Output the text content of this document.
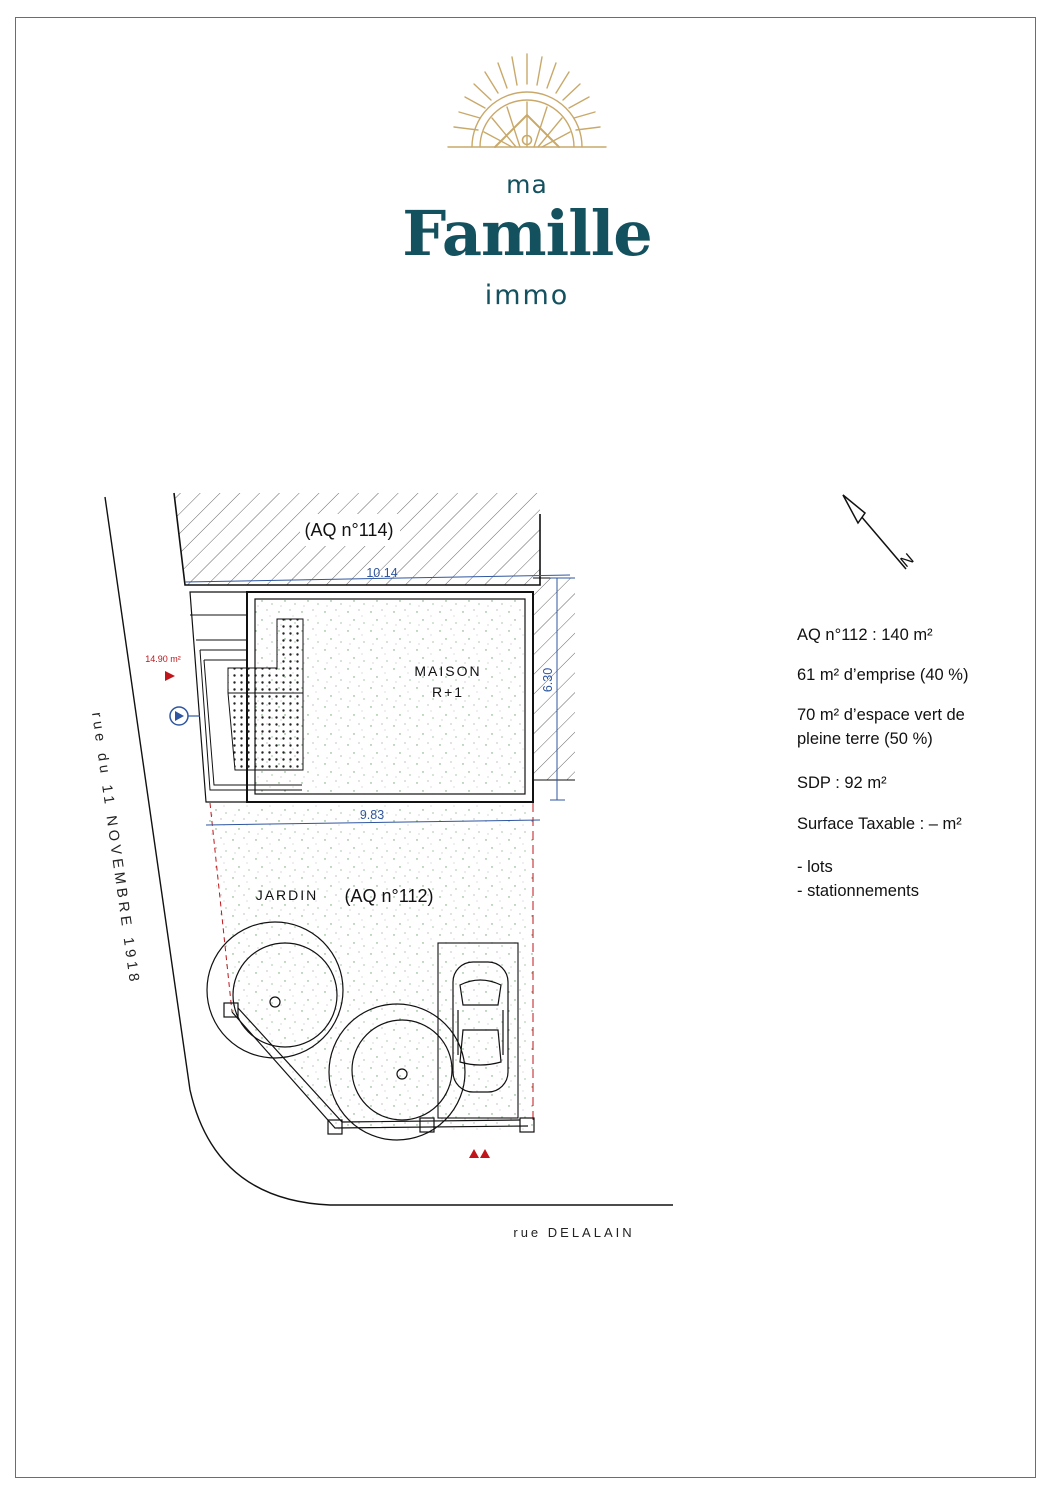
ma
Famille
immo
(AQ n°114)
MAISON
R+1
10.14
6.30
9.83
JARDIN (AQ n°112)
14.90 m²
rue du 11 NOVEMBRE 1918
rue DELALAIN
N
AQ n°112 : 140 m²
61 m² d’emprise (40 %)
70 m² d’espace vert de pleine terre (50 %)
SDP : 92 m²
Surface Taxable : – m²
- lots
- stationnements
